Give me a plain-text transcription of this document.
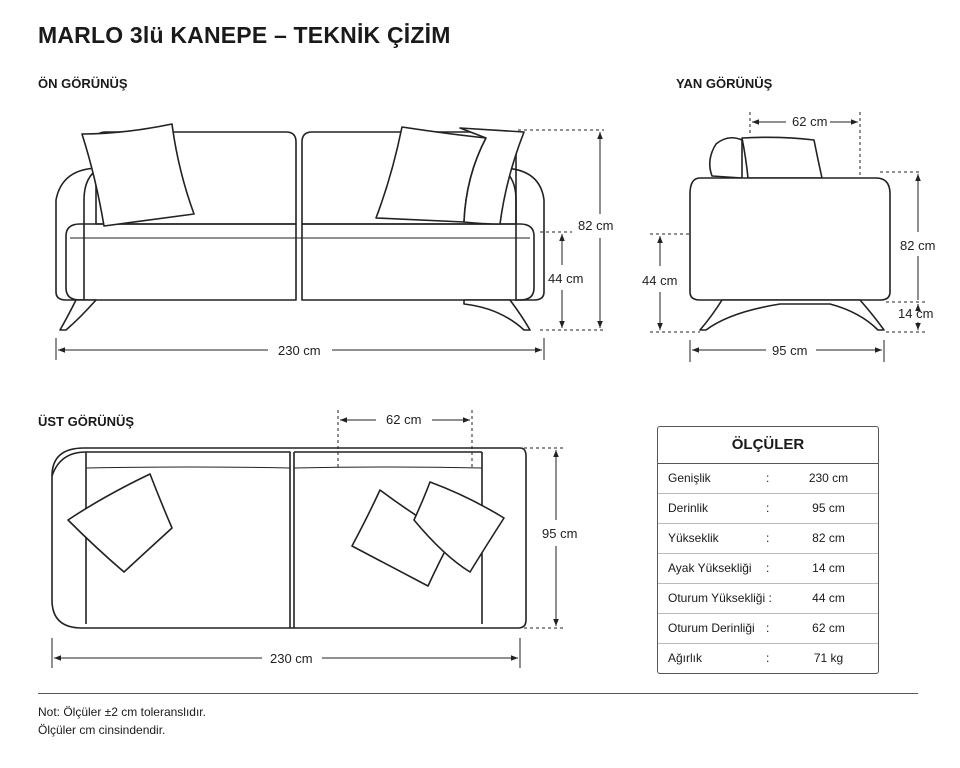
MARLO 3lü KANEPE – TEKNİK ÇİZİM
ÖN GÖRÜNÜŞ	YAN GÖRÜNÜŞ
ÜST GÖRÜNÜŞ
82 cm
44 cm
230 cm
62 cm
82 cm
44 cm
14 cm
95 cm
62 cm
95 cm
230 cm
ÖLÇÜLER
Genişlik	:	230 cm
Derinlik	:	95 cm
Yükseklik	:	82 cm
Ayak Yüksekliği :	14 cm
Oturum Yüksekliği :	44 cm
Oturum Derinliği :	62 cm
Ağırlık	:	71 kg
Not: Ölçüler ±2 cm toleranslıdır.
Ölçüler cm cinsindendir.
